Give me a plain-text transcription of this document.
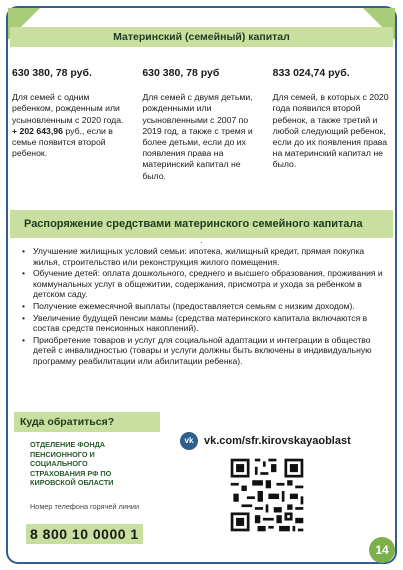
Материнский (семейный) капитал
630 380, 78 руб.
Для семей с одним ребенком, рожденным или усыновленным с 2020 года.
+ 202 643,96 руб., если в семье появится второй ребенок.
630 380, 78 руб
Для семей с двумя детьми, рожденными или усыновленными с 2007 по 2019 год, а также с тремя и более детьми, если до их появления права на материнский капитал не было.
833 024,74 руб.
Для семей, в которых с 2020 года появился второй ребенок, а также третий и любой следующий ребенок, если до их появления права на материнский капитал не было.
Распоряжение средствами материнского семейного капитала
·
• Улучшение жилищных условий семьи: ипотека, жилищный кредит, прямая покупка жилья, строительство или реконструкция жилого помещения.
• Обучение детей: оплата дошкольного, среднего и высшего образования, проживания и коммунальных услуг в общежитии, содержания, присмотра и ухода за ребенком в детском саду.
• Получение ежемесячной выплаты (предоставляется семьям с низким доходом).
• Увеличение будущей пенсии мамы (средства материнского капитала включаются в состав средств пенсионных накоплений).
• Приобретение товаров и услуг для социальной адаптации и интеграции в общество детей с инвалидностью (товары и услуги должны быть включены в индивидуальную программу реабилитации или абилитации ребенка).
Куда обратиться?
ОТДЕЛЕНИЕ ФОНДА ПЕНСИОННОГО И СОЦИАЛЬНОГО СТРАХОВАНИЯ РФ ПО КИРОВСКОЙ ОБЛАСТИ
Номер телефона горячей линии
8 800 10 0000 1
vk vk.com/sfr.kirovskayaoblast
14
